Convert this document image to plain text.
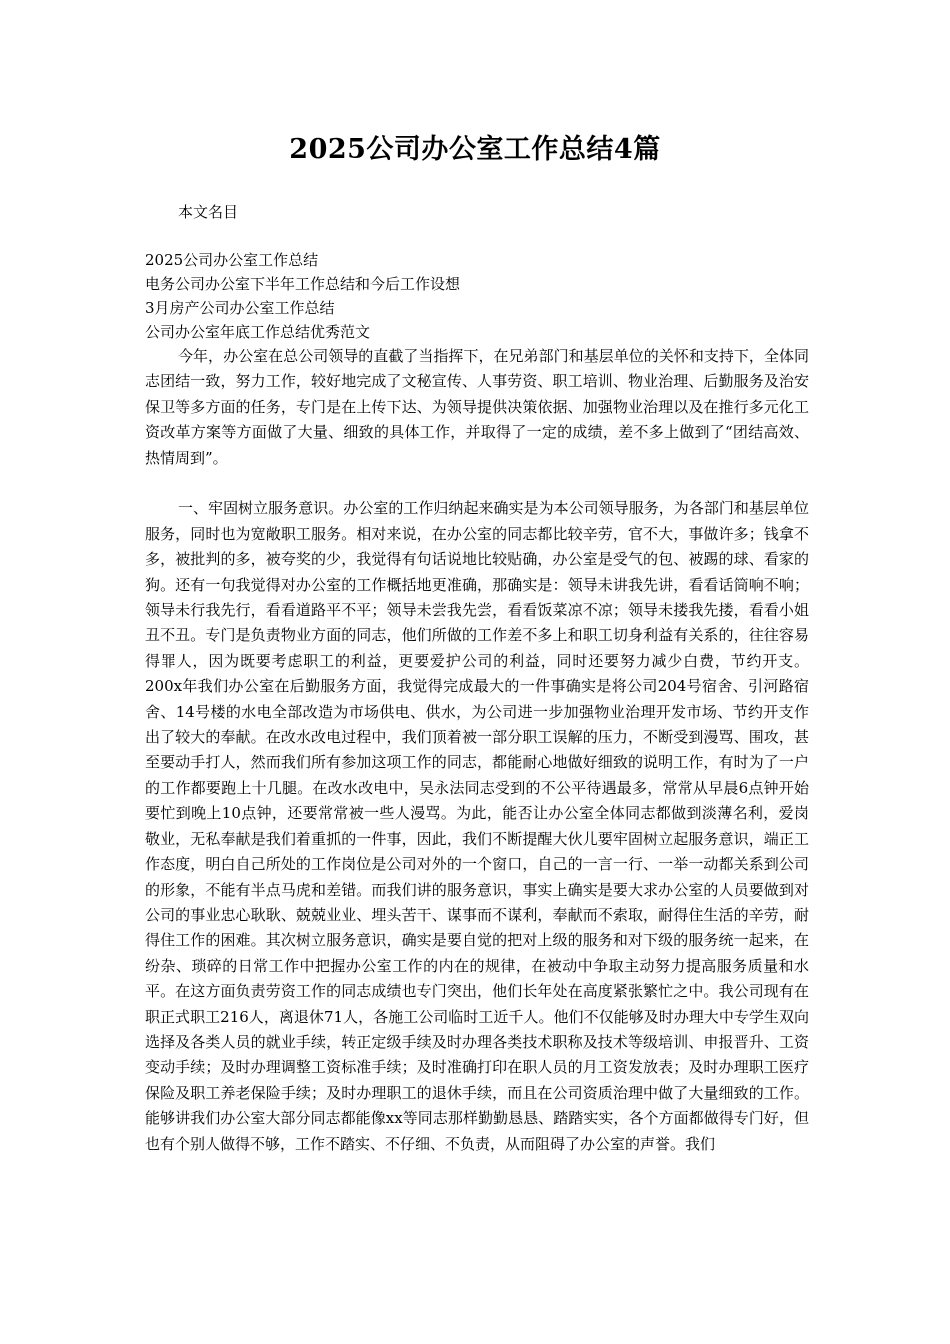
2025公司办公室工作总结4篇
本文名目
2025公司办公室工作总结
电务公司办公室下半年工作总结和今后工作设想
3月房产公司办公室工作总结
公司办公室年底工作总结优秀范文

今年，办公室在总公司领导的直截了当指挥下，在兄弟部门和基层单位的关怀和支持下，全体同志团结一致，努力工作，较好地完成了文秘宣传、人事劳资、职工培训、物业治理、后勤服务及治安保卫等多方面的任务，专门是在上传下达、为领导提供决策依据、加强物业治理以及在推行多元化工资改革方案等方面做了大量、细致的具体工作，并取得了一定的成绩，差不多上做到了“团结高效、热情周到”。

一、牢固树立服务意识。办公室的工作归纳起来确实是为本公司领导服务，为各部门和基层单位服务，同时也为宽敞职工服务。相对来说，在办公室的同志都比较辛劳，官不大，事做许多；钱拿不多，被批判的多，被夸奖的少，我觉得有句话说地比较贴确，办公室是受气的包、被踢的球、看家的狗。还有一句我觉得对办公室的工作概括地更准确，那确实是：领导未讲我先讲，看看话筒响不响；领导未行我先行，看看道路平不平；领导未尝我先尝，看看饭菜凉不凉；领导未搂我先搂，看看小姐丑不丑。专门是负责物业方面的同志，他们所做的工作差不多上和职工切身利益有关系的，往往容易得罪人，因为既要考虑职工的利益，更要爱护公司的利益，同时还要努力减少白费，节约开支。200x年我们办公室在后勤服务方面，我觉得完成最大的一件事确实是将公司204号宿舍、引河路宿舍、14号楼的水电全部改造为市场供电、供水，为公司进一步加强物业治理开发市场、节约开支作出了较大的奉献。在改水改电过程中，我们顶着被一部分职工误解的压力，不断受到漫骂、围攻，甚至要动手打人，然而我们所有参加这项工作的同志，都能耐心地做好细致的说明工作，有时为了一户的工作都要跑上十几腿。在改水改电中，吴永法同志受到的不公平待遇最多，常常从早晨6点钟开始要忙到晚上10点钟，还要常常被一些人漫骂。为此，能否让办公室全体同志都做到淡薄名利，爱岗敬业，无私奉献是我们着重抓的一件事，因此，我们不断提醒大伙儿要牢固树立起服务意识，端正工作态度，明白自己所处的工作岗位是公司对外的一个窗口，自己的一言一行、一举一动都关系到公司的形象，不能有半点马虎和差错。而我们讲的服务意识，事实上确实是要大求办公室的人员要做到对公司的事业忠心耿耿、兢兢业业、埋头苦干、谋事而不谋利，奉献而不索取，耐得住生活的辛劳，耐得住工作的困难。其次树立服务意识，确实是要自觉的把对上级的服务和对下级的服务统一起来，在纷杂、琐碎的日常工作中把握办公室工作的内在的规律，在被动中争取主动努力提高服务质量和水平。在这方面负责劳资工作的同志成绩也专门突出，他们长年处在高度紧张繁忙之中。我公司现有在职正式职工216人，离退休71人，各施工公司临时工近千人。他们不仅能够及时办理大中专学生双向选择及各类人员的就业手续，转正定级手续及时办理各类技术职称及技术等级培训、申报晋升、工资变动手续；及时办理调整工资标准手续；及时准确打印在职人员的月工资发放表；及时办理职工医疗保险及职工养老保险手续；及时办理职工的退休手续，而且在公司资质治理中做了大量细致的工作。能够讲我们办公室大部分同志都能像xx等同志那样勤勤恳恳、踏踏实实，各个方面都做得专门好，但也有个别人做得不够，工作不踏实、不仔细、不负责，从而阻碍了办公室的声誉。我们
